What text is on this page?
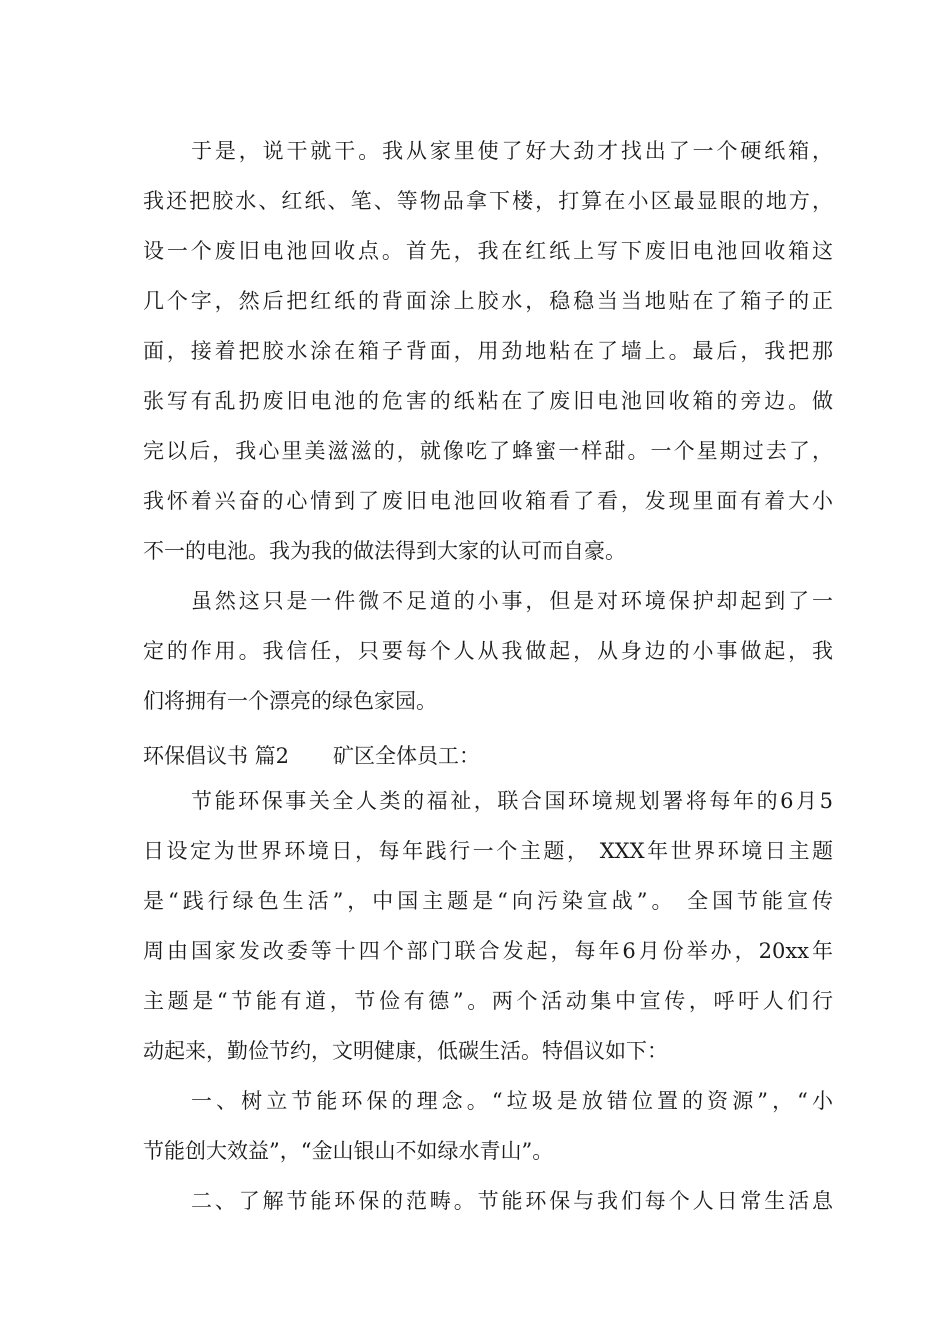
于是，说干就干。我从家里使了好大劲才找出了一个硬纸箱，
我还把胶水、红纸、笔、等物品拿下楼，打算在小区最显眼的地方，
设一个废旧电池回收点。首先，我在红纸上写下废旧电池回收箱这
几个字，然后把红纸的背面涂上胶水，稳稳当当地贴在了箱子的正
面，接着把胶水涂在箱子背面，用劲地粘在了墙上。最后，我把那
张写有乱扔废旧电池的危害的纸粘在了废旧电池回收箱的旁边。做
完以后，我心里美滋滋的，就像吃了蜂蜜一样甜。一个星期过去了，
我怀着兴奋的心情到了废旧电池回收箱看了看，发现里面有着大小
不一的电池。我为我的做法得到大家的认可而自豪。
虽然这只是一件微不足道的小事，但是对环境保护却起到了一
定的作用。我信任，只要每个人从我做起，从身边的小事做起，我
们将拥有一个漂亮的绿色家园。
环保倡议书 篇2 矿区全体员工：
节能环保事关全人类的福祉，联合国环境规划署将每年的6月5
日设定为世界环境日，每年践行一个主题， XXX年世界环境日主题
是“践行绿色生活”，中国主题是“向污染宣战”。 全国节能宣传
周由国家发改委等十四个部门联合发起，每年6月份举办，20xx年
主题是“节能有道，节俭有德”。两个活动集中宣传，呼吁人们行
动起来，勤俭节约，文明健康，低碳生活。特倡议如下：
一、树立节能环保的理念。“垃圾是放错位置的资源”，“小
节能创大效益”，“金山银山不如绿水青山”。
二、了解节能环保的范畴。节能环保与我们每个人日常生活息
